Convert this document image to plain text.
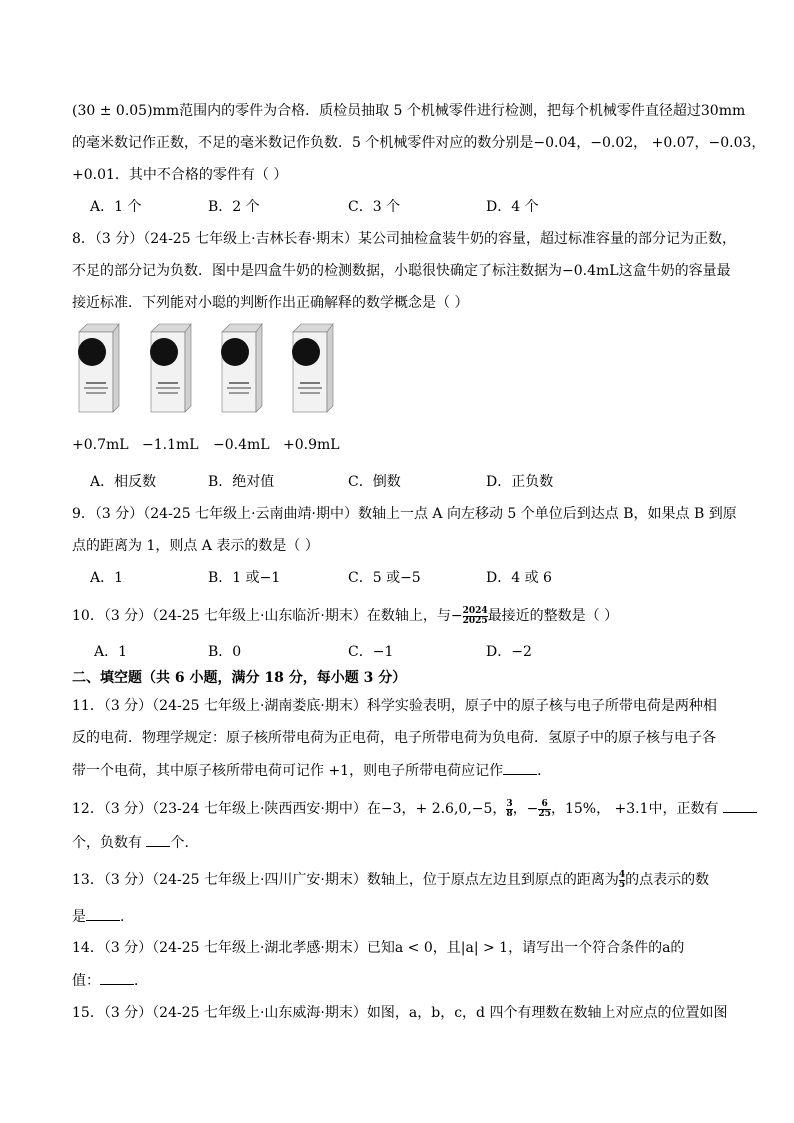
(30 ± 0.05)mm范围内的零件为合格．质检员抽取 5 个机械零件进行检测，把每个机械零件直径超过30mm
的毫米数记作正数，不足的毫米数记作负数．5 个机械零件对应的数分别是−0.04，−0.02， +0.07，−0.03，
+0.01．其中不合格的零件有（ ）
A．1 个	B．2 个	C．3 个	D．4 个
8．（3 分）（24-25 七年级上·吉林长春·期末）某公司抽检盒装牛奶的容量，超过标准容量的部分记为正数，
不足的部分记为负数．图中是四盒牛奶的检测数据，小聪很快确定了标注数据为−0.4mL这盒牛奶的容量最
接近标准．下列能对小聪的判断作出正确解释的数学概念是（ ）
+0.7mL −1.1mL −0.4mL +0.9mL
A．相反数	B．绝对值	C．倒数	D．正负数
9．（3 分）（24-25 七年级上·云南曲靖·期中）数轴上一点 A 向左移动 5 个单位后到达点 B，如果点 B 到原
点的距离为 1，则点 A 表示的数是（ ）
A．1	B．1 或−1	C．5 或−5	D．4 或 6
10．（3 分）（24-25 七年级上·山东临沂·期末）在数轴上，与− $\frac{2024}{2025}$ 最接近的整数是（ ）
A．1	B．0	C．−1	D．−2
二、填空题（共 6 小题，满分 18 分，每小题 3 分）
11．（3 分）（24-25 七年级上·湖南娄底·期末）科学实验表明，原子中的原子核与电子所带电荷是两种相
反的电荷．物理学规定：原子核所带电荷为正电荷，电子所带电荷为负电荷．氢原子中的原子核与电子各
带一个电荷，其中原子核所带电荷可记作 +1，则电子所带电荷应记作 ．
12．（3 分）（23-24 七年级上·陕西西安·期中）在−3，+ 2.6,0,−5， $\frac{3}{8}$ ，− $\frac{6}{25}$ ，15%， +3.1中，正数有
个，负数有 个．
13．（3 分）（24-25 七年级上·四川广安·期末）数轴上，位于原点左边且到原点的距离为 $\frac{4}{5}$ 的点表示的数
是 ．
14．（3 分）（24-25 七年级上·湖北孝感·期末）已知a < 0，且|a| > 1，请写出一个符合条件的a的
值： ．
15．（3 分）（24-25 七年级上·山东威海·期末）如图，a，b，c，d 四个有理数在数轴上对应点的位置如图
